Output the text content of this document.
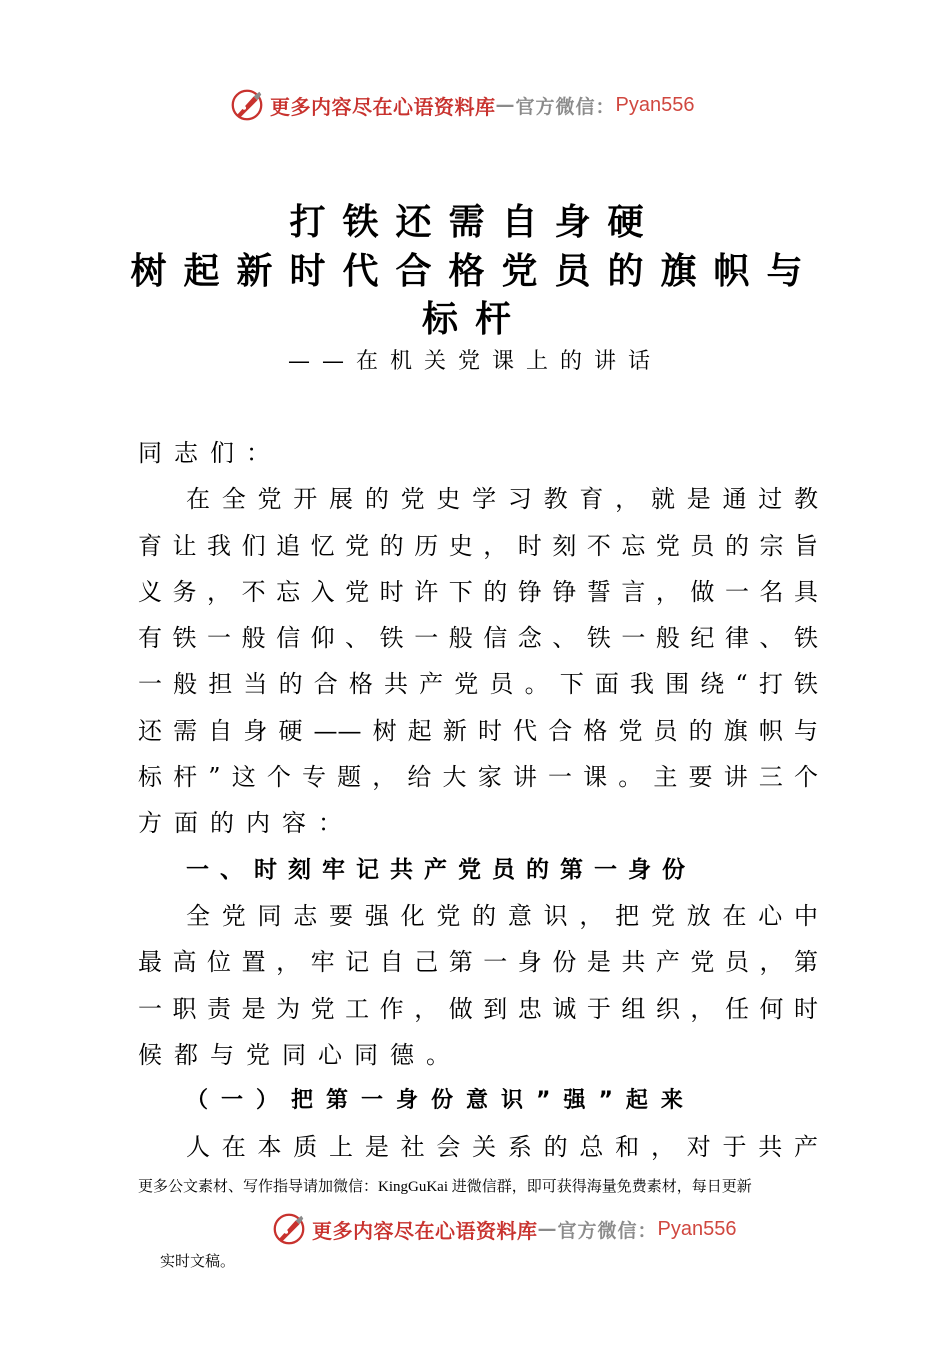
更多内容尽在心语资料库 — 官方微信： Pyan556
打铁还需自身硬
树起新时代合格党员的旗帜与
标杆
——在机关党课上的讲话
同志们：
在全党开展的党史学习教育，就是通过教
育让我们追忆党的历史，时刻不忘党员的宗旨
义务，不忘入党时许下的铮铮誓言，做一名具
有铁一般信仰、铁一般信念、铁一般纪律、铁
一般担当的合格共产党员。下面我围绕“打铁
还需自身硬——树起新时代合格党员的旗帜与
标杆”这个专题，给大家讲一课。主要讲三个
方面的内容：
一、时刻牢记共产党员的第一身份
全党同志要强化党的意识，把党放在心中
最高位置，牢记自己第一身份是共产党员，第
一职责是为党工作，做到忠诚于组织，任何时
候都与党同心同德。
（一）把第一身份意识”强”起来
人在本质上是社会关系的总和，对于共产
更多公文素材、写作指导请加微信：KingGuKai 进微信群，即可获得海量免费素材，每日更新
更多内容尽在心语资料库 — 官方微信： Pyan556
实时文稿。
